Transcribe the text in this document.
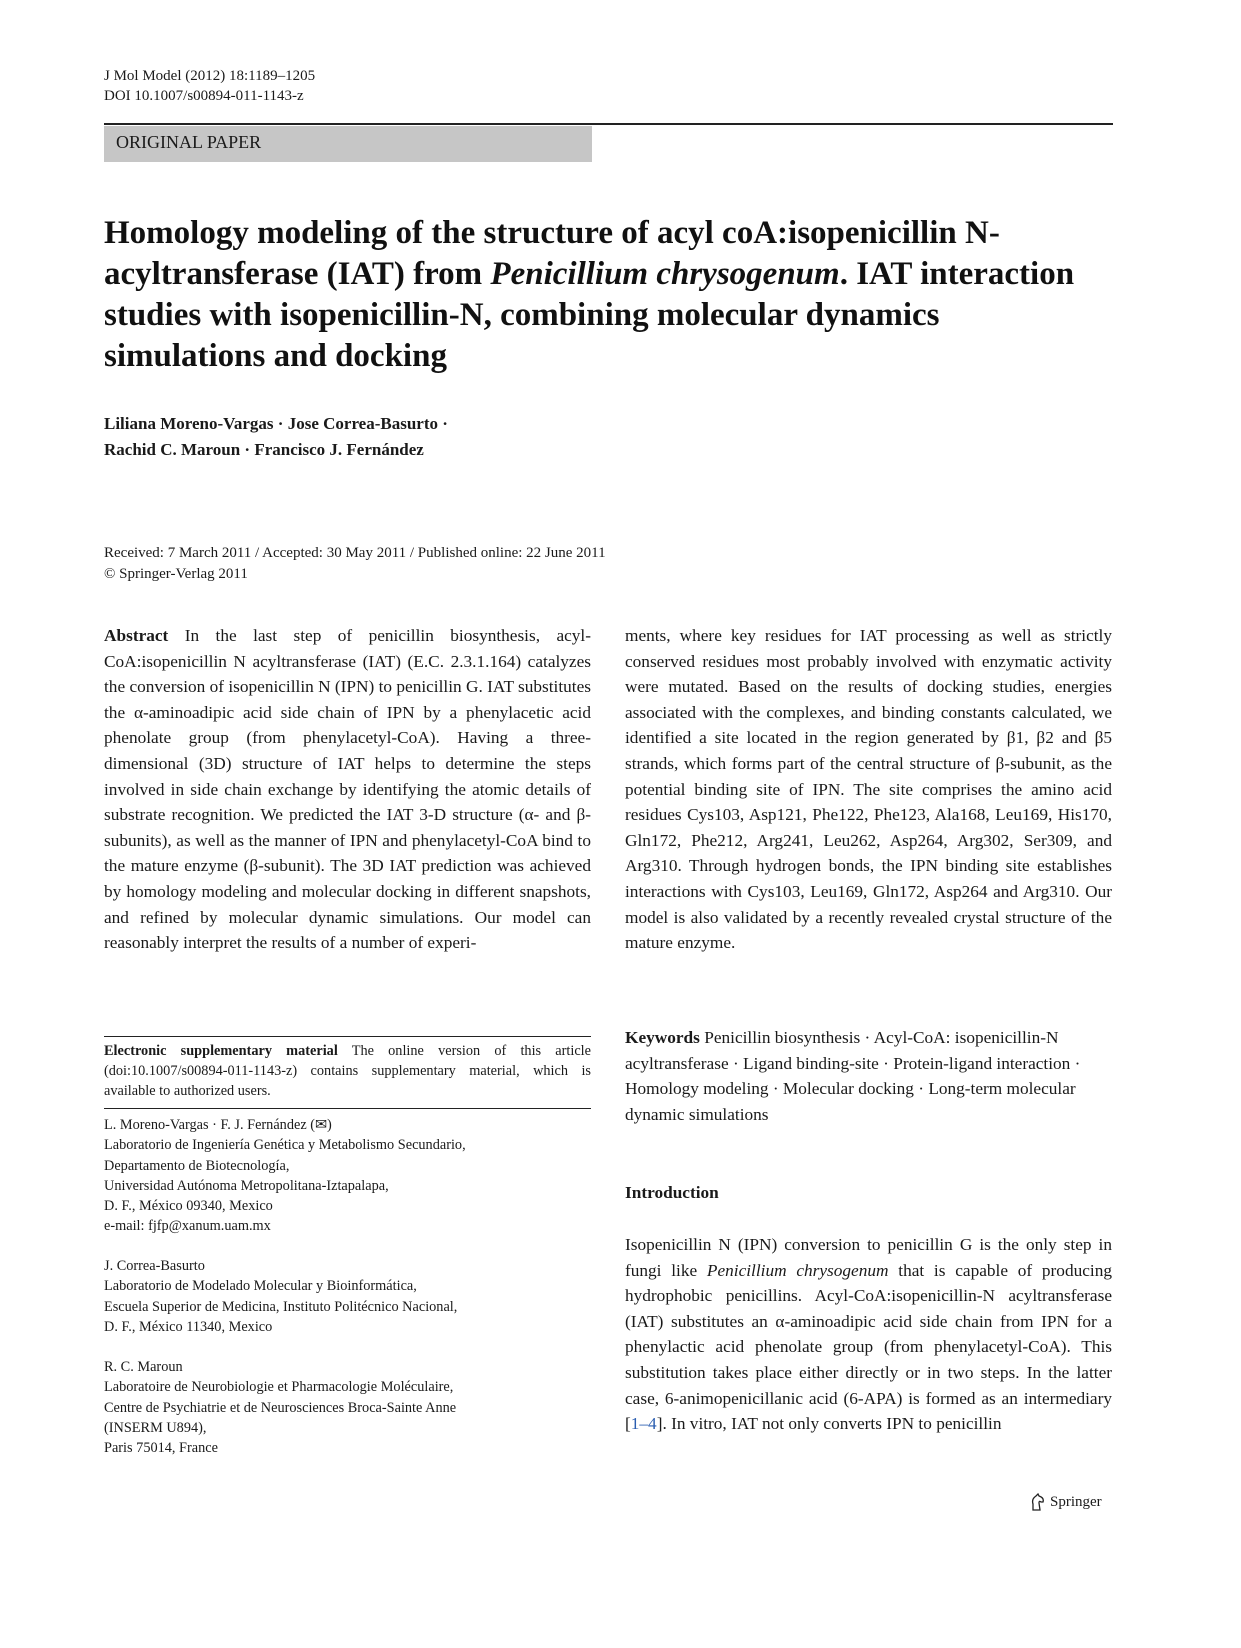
J Mol Model (2012) 18:1189–1205
DOI 10.1007/s00894-011-1143-z
ORIGINAL PAPER
Homology modeling of the structure of acyl coA:isopenicillin N-acyltransferase (IAT) from Penicillium chrysogenum. IAT interaction studies with isopenicillin-N, combining molecular dynamics simulations and docking
Liliana Moreno-Vargas · Jose Correa-Basurto ·
Rachid C. Maroun · Francisco J. Fernández
Received: 7 March 2011 / Accepted: 30 May 2011 / Published online: 22 June 2011
© Springer-Verlag 2011

Abstract In the last step of penicillin biosynthesis, acyl-CoA:isopenicillin N acyltransferase (IAT) (E.C. 2.3.1.164) catalyzes the conversion of isopenicillin N (IPN) to penicillin G. IAT substitutes the α-aminoadipic acid side chain of IPN by a phenylacetic acid phenolate group (from phenylacetyl-CoA). Having a three-dimensional (3D) structure of IAT helps to determine the steps involved in side chain exchange by identifying the atomic details of substrate recognition. We predicted the IAT 3-D structure (α- and β-subunits), as well as the manner of IPN and phenylacetyl-CoA bind to the mature enzyme (β-subunit). The 3D IAT prediction was achieved by homology modeling and molecular docking in different snapshots, and refined by molecular dynamic simulations. Our model can reasonably interpret the results of a number of experi-

ments, where key residues for IAT processing as well as strictly conserved residues most probably involved with enzymatic activity were mutated. Based on the results of docking studies, energies associated with the complexes, and binding constants calculated, we identified a site located in the region generated by β1, β2 and β5 strands, which forms part of the central structure of β-subunit, as the potential binding site of IPN. The site comprises the amino acid residues Cys103, Asp121, Phe122, Phe123, Ala168, Leu169, His170, Gln172, Phe212, Arg241, Leu262, Asp264, Arg302, Ser309, and Arg310. Through hydrogen bonds, the IPN binding site establishes interactions with Cys103, Leu169, Gln172, Asp264 and Arg310. Our model is also validated by a recently revealed crystal structure of the mature enzyme.

Electronic supplementary material The online version of this article (doi:10.1007/s00894-011-1143-z) contains supplementary material, which is available to authorized users.
L. Moreno-Vargas · F. J. Fernández (✉)
Laboratorio de Ingeniería Genética y Metabolismo Secundario,
Departamento de Biotecnología,
Universidad Autónoma Metropolitana-Iztapalapa,
D. F., México 09340, Mexico
e-mail: fjfp@xanum.uam.mx
J. Correa-Basurto
Laboratorio de Modelado Molecular y Bioinformática,
Escuela Superior de Medicina, Instituto Politécnico Nacional,
D. F., México 11340, Mexico
R. C. Maroun
Laboratoire de Neurobiologie et Pharmacologie Moléculaire,
Centre de Psychiatrie et de Neurosciences Broca-Sainte Anne
(INSERM U894),
Paris 75014, France
Keywords Penicillin biosynthesis · Acyl-CoA: isopenicillin-N acyltransferase · Ligand binding-site · Protein-ligand interaction · Homology modeling · Molecular docking · Long-term molecular dynamic simulations
Introduction
Isopenicillin N (IPN) conversion to penicillin G is the only step in fungi like Penicillium chrysogenum that is capable of producing hydrophobic penicillins. Acyl-CoA:isopenicillin-N acyltransferase (IAT) substitutes an α-aminoadipic acid side chain from IPN for a phenylactic acid phenolate group (from phenylacetyl-CoA). This substitution takes place either directly or in two steps. In the latter case, 6-animopenicillanic acid (6-APA) is formed as an intermediary [1–4]. In vitro, IAT not only converts IPN to penicillin
Springer
